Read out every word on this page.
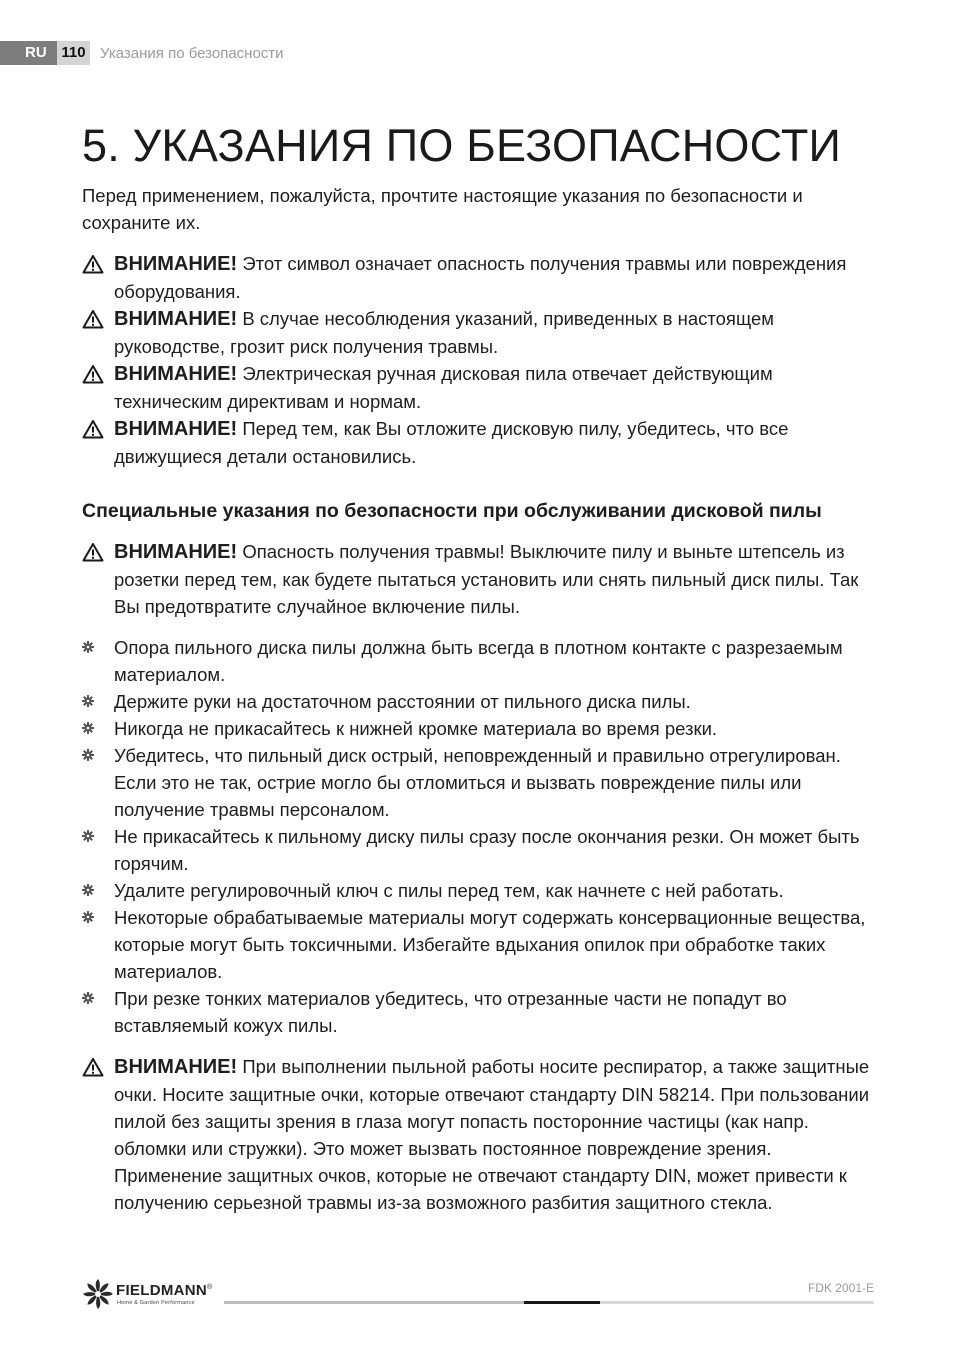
RU 110 Указания по безопасности
5. УКАЗАНИЯ ПО БЕЗОПАСНОСТИ

Перед применением, пожалуйста, прочтите настоящие указания по безопасности и сохраните их.

ВНИМАНИЕ! Этот символ означает опасность получения травмы или повреждения оборудования.
ВНИМАНИЕ! В случае несоблюдения указаний, приведенных в настоящем руководстве, грозит риск получения травмы.
ВНИМАНИЕ! Электрическая ручная дисковая пила отвечает действующим техническим директивам и нормам.
ВНИМАНИЕ! Перед тем, как Вы отложите дисковую пилу, убедитесь, что все движущиеся детали остановились.
Специальные указания по безопасности при обслуживании дисковой пилы
ВНИМАНИЕ! Опасность получения травмы! Выключите пилу и выньте штепсель из розетки перед тем, как будете пытаться установить или снять пильный диск пилы. Так Вы предотвратите случайное включение пилы.
Опора пильного диска пилы должна быть всегда в плотном контакте с разрезаемым материалом.
Держите руки на достаточном расстоянии от пильного диска пилы.
Никогда не прикасайтесь к нижней кромке материала во время резки.
Убедитесь, что пильный диск острый, неповрежденный и правильно отрегулирован. Если это не так, острие могло бы отломиться и вызвать повреждение пилы или получение травмы персоналом.
Не прикасайтесь к пильному диску пилы сразу после окончания резки. Он может быть горячим.
Удалите регулировочный ключ с пилы перед тем, как начнете с ней работать.
Некоторые обрабатываемые материалы могут содержать консервационные вещества, которые могут быть токсичными. Избегайте вдыхания опилок при обработке таких материалов.
При резке тонких материалов убедитесь, что отрезанные части не попадут во вставляемый кожух пилы.
ВНИМАНИЕ! При выполнении пыльной работы носите респиратор, а также защитные очки. Носите защитные очки, которые отвечают стандарту DIN 58214. При пользовании пилой без защиты зрения в глаза могут попасть посторонние частицы (как напр. обломки или стружки). Это может вызвать постоянное повреждение зрения. Применение защитных очков, которые не отвечают стандарту DIN, может привести к получению серьезной травмы из-за возможного разбития защитного стекла.
FIELDMANN®
Home & Garden Performance
FDK 2001-E
